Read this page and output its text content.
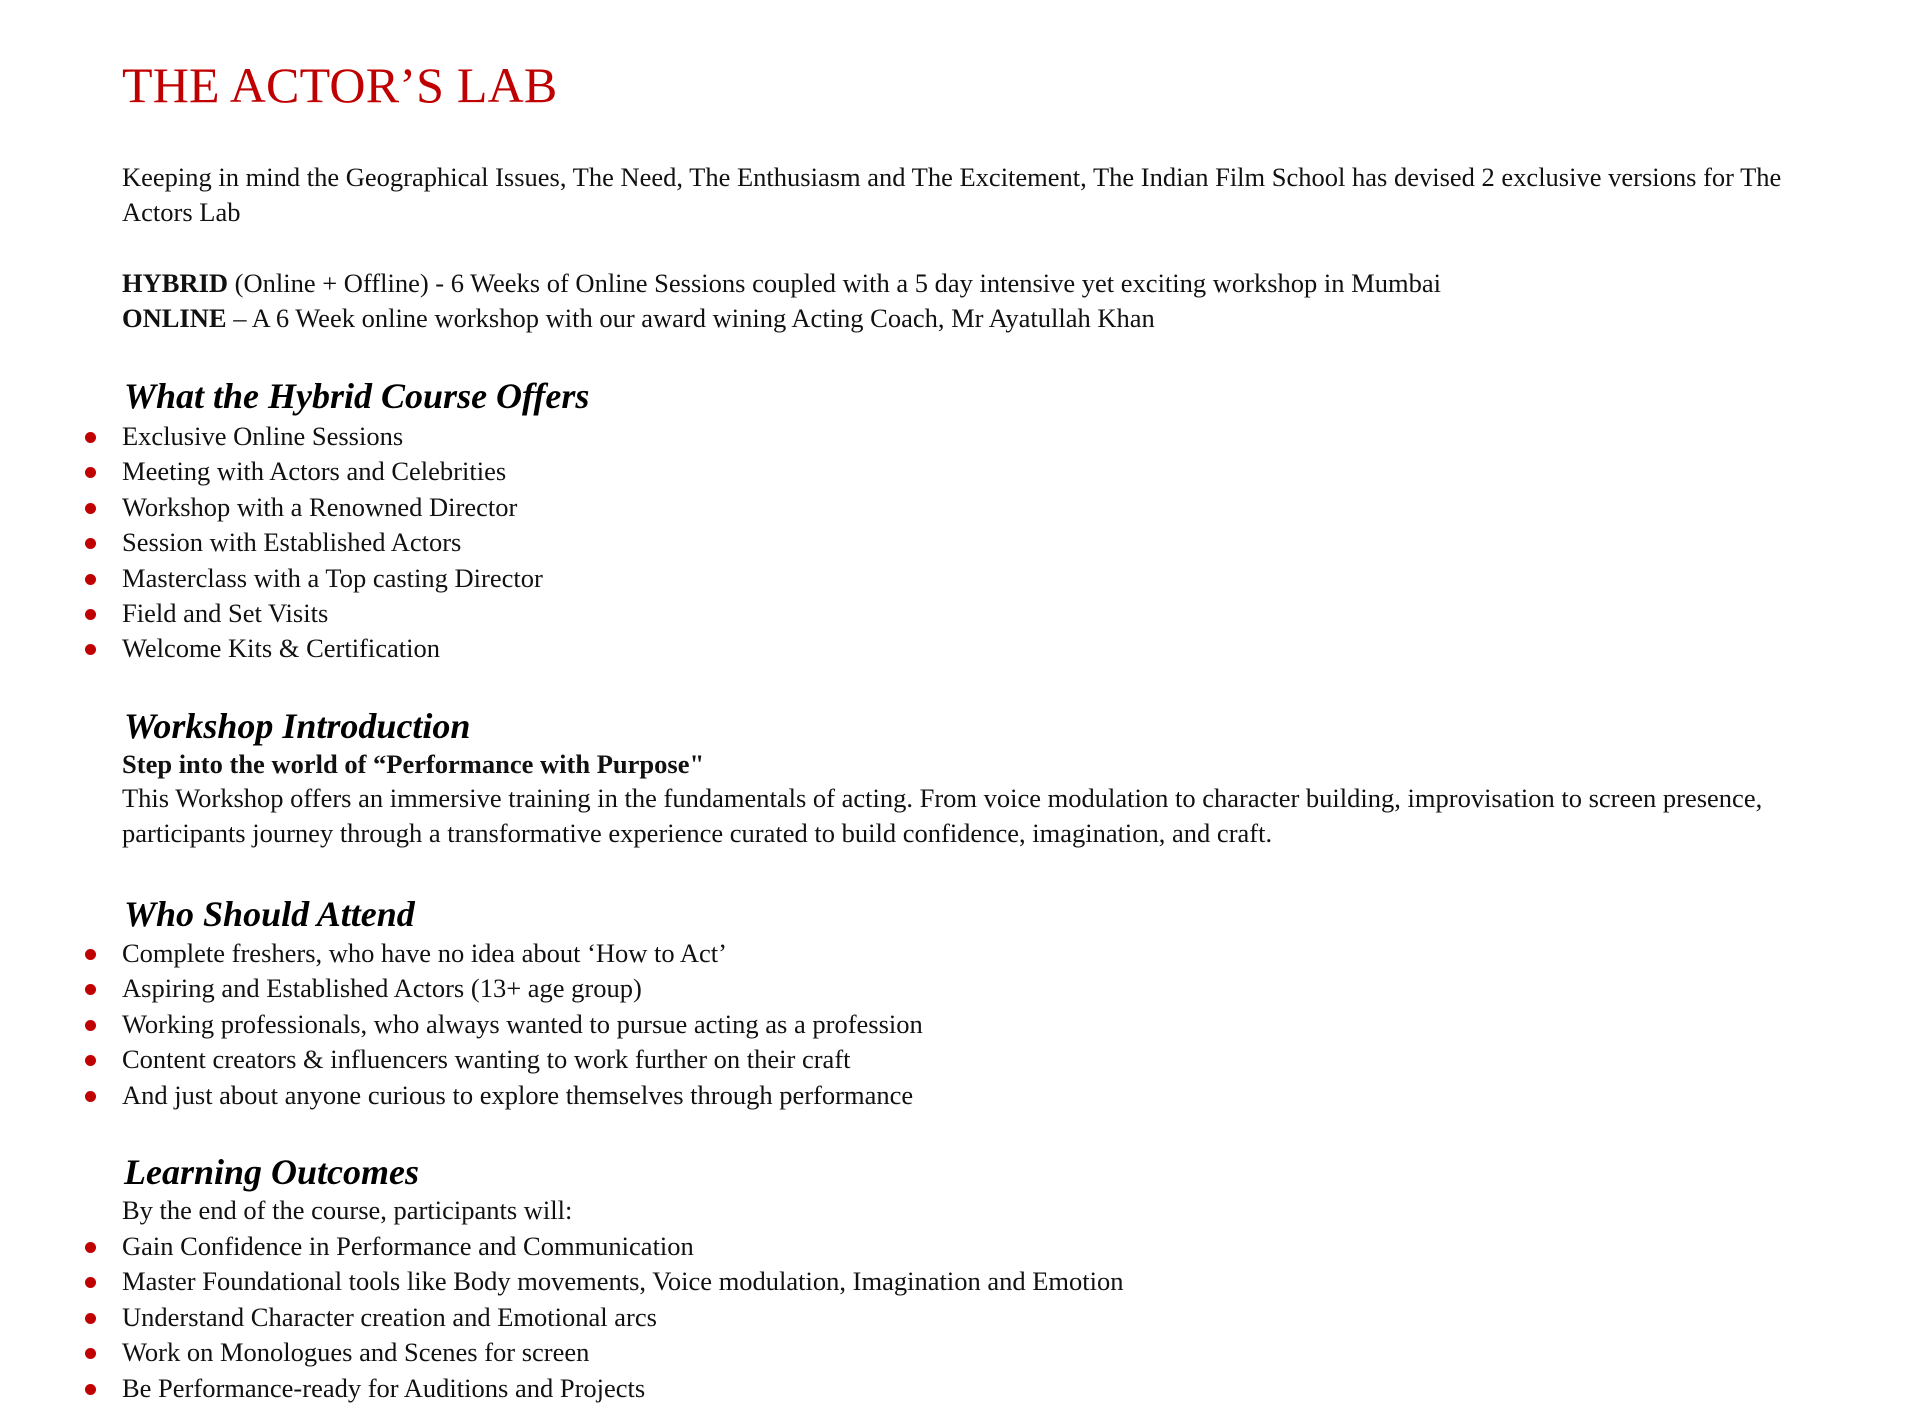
THE ACTOR’S LAB

Keeping in mind the Geographical Issues, The Need, The Enthusiasm and The Excitement, The Indian Film School has devised 2 exclusive versions for The Actors Lab

HYBRID (Online + Offline) - 6 Weeks of Online Sessions coupled with a 5 day intensive yet exciting workshop in Mumbai
ONLINE – A 6 Week online workshop with our award wining Acting Coach, Mr Ayatullah Khan
What the Hybrid Course Offers
Exclusive Online Sessions
Meeting with Actors and Celebrities
Workshop with a Renowned Director
Session with Established Actors
Masterclass with a Top casting Director
Field and Set Visits
Welcome Kits & Certification
Workshop Introduction

Step into the world of “Performance with Purpose"

This Workshop offers an immersive training in the fundamentals of acting. From voice modulation to character building, improvisation to screen presence, participants journey through a transformative experience curated to build confidence, imagination, and craft.

Who Should Attend
Complete freshers, who have no idea about ‘How to Act’
Aspiring and Established Actors (13+ age group)
Working professionals, who always wanted to pursue acting as a profession
Content creators & influencers wanting to work further on their craft
And just about anyone curious to explore themselves through performance
Learning Outcomes

By the end of the course, participants will:

Gain Confidence in Performance and Communication
Master Foundational tools like Body movements, Voice modulation, Imagination and Emotion
Understand Character creation and Emotional arcs
Work on Monologues and Scenes for screen
Be Performance-ready for Auditions and Projects
